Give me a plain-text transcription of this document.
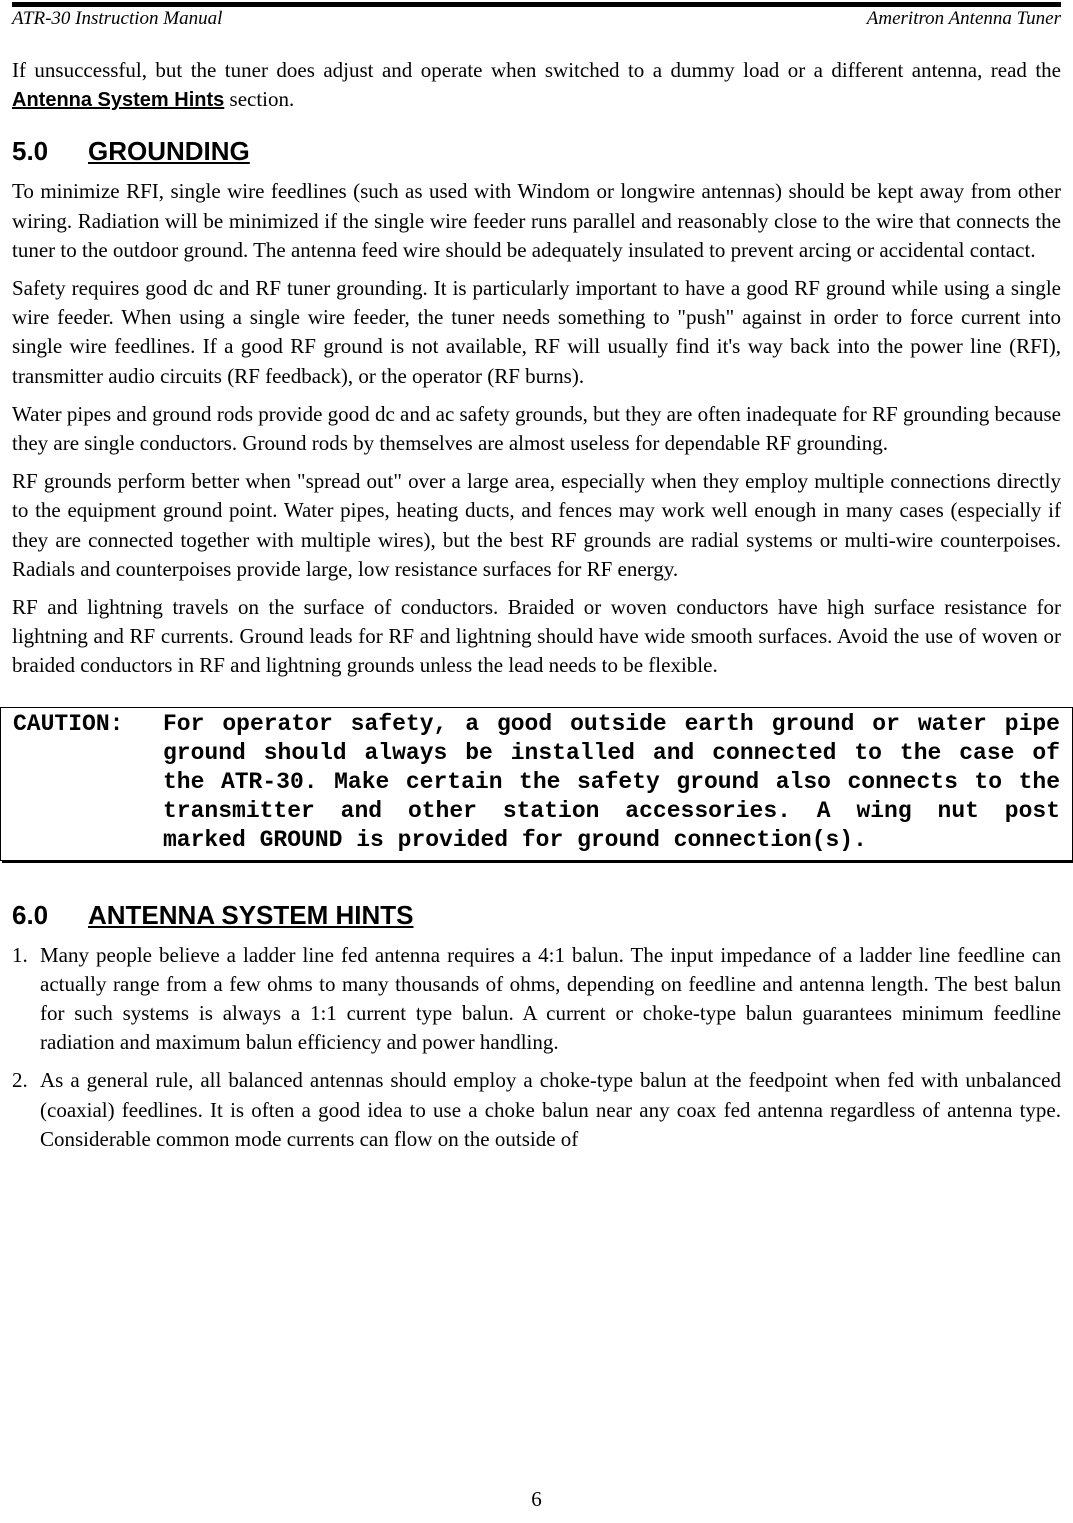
ATR-30 Instruction Manual	Ameritron Antenna Tuner

If unsuccessful, but the tuner does adjust and operate when switched to a dummy load or a different antenna, read the Antenna System Hints section.

5.0 GROUNDING

To minimize RFI, single wire feedlines (such as used with Windom or longwire antennas) should be kept away from other wiring. Radiation will be minimized if the single wire feeder runs parallel and reasonably close to the wire that connects the tuner to the outdoor ground. The antenna feed wire should be adequately insulated to prevent arcing or accidental contact.

Safety requires good dc and RF tuner grounding. It is particularly important to have a good RF ground while using a single wire feeder. When using a single wire feeder, the tuner needs something to "push" against in order to force current into single wire feedlines. If a good RF ground is not available, RF will usually find it's way back into the power line (RFI), transmitter audio circuits (RF feedback), or the operator (RF burns).

Water pipes and ground rods provide good dc and ac safety grounds, but they are often inadequate for RF grounding because they are single conductors. Ground rods by themselves are almost useless for dependable RF grounding.

RF grounds perform better when "spread out" over a large area, especially when they employ multiple connections directly to the equipment ground point. Water pipes, heating ducts, and fences may work well enough in many cases (especially if they are connected together with multiple wires), but the best RF grounds are radial systems or multi-wire counterpoises. Radials and counterpoises provide large, low resistance surfaces for RF energy.

RF and lightning travels on the surface of conductors. Braided or woven conductors have high surface resistance for lightning and RF currents. Ground leads for RF and lightning should have wide smooth surfaces. Avoid the use of woven or braided conductors in RF and lightning grounds unless the lead needs to be flexible.

CAUTION:	For operator safety, a good outside earth ground or water pipe ground should always be installed and connected to the case of the ATR-30. Make certain the safety ground also connects to the transmitter and other station accessories. A wing nut post marked GROUND is provided for ground connection(s).
6.0 ANTENNA SYSTEM HINTS
1. Many people believe a ladder line fed antenna requires a 4:1 balun. The input impedance of a ladder line feedline can actually range from a few ohms to many thousands of ohms, depending on feedline and antenna length. The best balun for such systems is always a 1:1 current type balun. A current or choke-type balun guarantees minimum feedline radiation and maximum balun efficiency and power handling.
2. As a general rule, all balanced antennas should employ a choke-type balun at the feedpoint when fed with unbalanced (coaxial) feedlines. It is often a good idea to use a choke balun near any coax fed antenna regardless of antenna type. Considerable common mode currents can flow on the outside of
6
